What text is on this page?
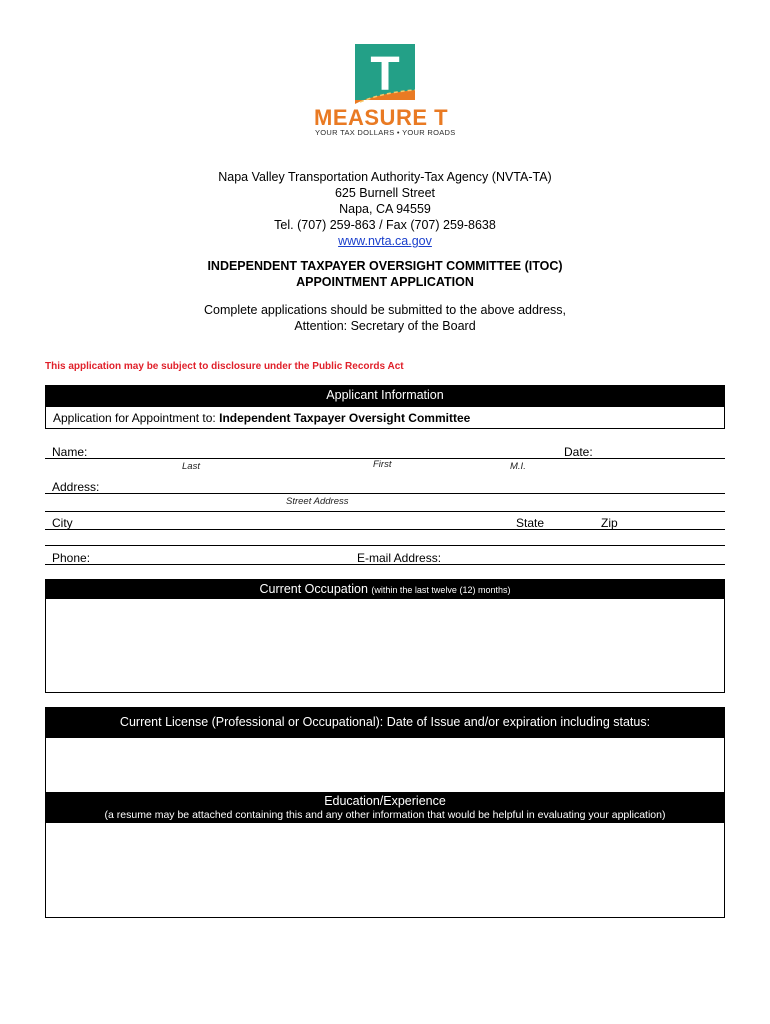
T
MEASURE T
YOUR TAX DOLLARS • YOUR ROADS
Napa Valley Transportation Authority-Tax Agency (NVTA-TA)
625 Burnell Street
Napa, CA 94559
Tel. (707) 259-863 / Fax (707) 259-8638
www.nvta.ca.gov
INDEPENDENT TAXPAYER OVERSIGHT COMMITTEE (ITOC)
APPOINTMENT APPLICATION
Complete applications should be submitted to the above address,
Attention: Secretary of the Board
This application may be subject to disclosure under the Public Records Act
Applicant Information
Application for Appointment to: Independent Taxpayer Oversight Committee
Name:	Date:
Last	First	M.I.
Address:
Street Address
City	State	Zip
Phone:	E-mail Address:
Current Occupation (within the last twelve (12) months)
Current License (Professional or Occupational): Date of Issue and/or expiration including status:
Education/Experience
(a resume may be attached containing this and any other information that would be helpful in evaluating your application)
